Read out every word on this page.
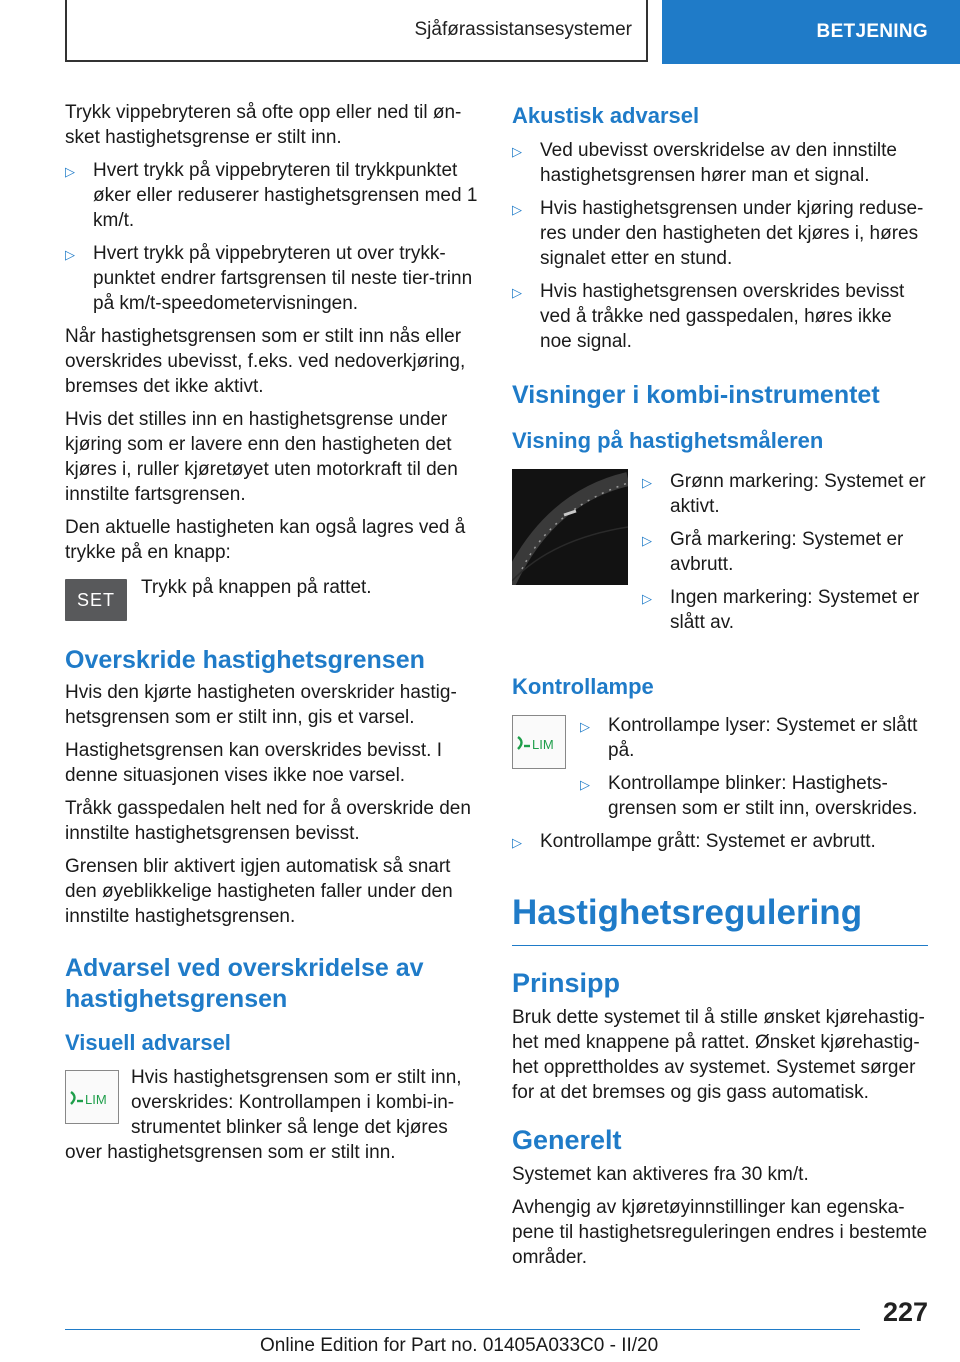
Sjåførassistansesystemer	BETJENING

Trykk vippebryteren så ofte opp eller ned til ønsket hastighetsgrense er stilt inn.

▷ Hvert trykk på vippebryteren til trykkpunktet øker eller reduserer hastighetsgrensen med 1 km/t.
▷ Hvert trykk på vippebryteren ut over trykkpunktet endrer fartsgrensen til neste tier-trinn på km/t-speedometervisningen.

Når hastighetsgrensen som er stilt inn nås eller overskrides ubevisst, f.eks. ved nedoverkjøring, bremses det ikke aktivt.

Hvis det stilles inn en hastighetsgrense under kjøring som er lavere enn den hastigheten det kjøres i, ruller kjøretøyet uten motorkraft til den innstilte fartsgrensen.

Den aktuelle hastigheten kan også lagres ved å trykke på en knapp:

SET

Trykk på knappen på rattet.

Overskride hastighetsgrensen

Hvis den kjørte hastigheten overskrider hastighetsgrensen som er stilt inn, gis et varsel.

Hastighetsgrensen kan overskrides bevisst. I denne situasjonen vises ikke noe varsel.

Tråkk gasspedalen helt ned for å overskride den innstilte hastighetsgrensen bevisst.

Grensen blir aktivert igjen automatisk så snart den øyeblikkelige hastigheten faller under den innstilte hastighetsgrensen.

Advarsel ved overskridelse av hastighetsgrensen
Visuell advarsel
LIM

Hvis hastighetsgrensen som er stilt inn, overskrides: Kontrollampen i kombi-instrumentet blinker så lenge det kjøres over hastighetsgrensen som er stilt inn.

Akustisk advarsel
▷ Ved ubevisst overskridelse av den innstilte hastighetsgrensen hører man et signal.
▷ Hvis hastighetsgrensen under kjøring reduseres under den hastigheten det kjøres i, høres signalet etter en stund.
▷ Hvis hastighetsgrensen overskrides bevisst ved å tråkke ned gasspedalen, høres ikke noe signal.
Visninger i kombi-instrumentet
Visning på hastighetsmåleren
▷ Grønn markering: Systemet er aktivt.
▷ Grå markering: Systemet er avbrutt.
▷ Ingen markering: Systemet er slått av.
Kontrollampe
LIM
▷ Kontrollampe lyser: Systemet er slått på.
▷ Kontrollampe blinker: Hastighetsgrensen som er stilt inn, overskrides.
▷ Kontrollampe grått: Systemet er avbrutt.
Hastighetsregulering
Prinsipp

Bruk dette systemet til å stille ønsket kjørehastighet med knappene på rattet. Ønsket kjørehastighet opprettholdes av systemet. Systemet sørger for at det bremses og gis gass automatisk.

Generelt

Systemet kan aktiveres fra 30 km/t.

Avhengig av kjøretøyinnstillinger kan egenskapene til hastighetsreguleringen endres i bestemte områder.

227
Online Edition for Part no. 01405A033C0 - II/20
